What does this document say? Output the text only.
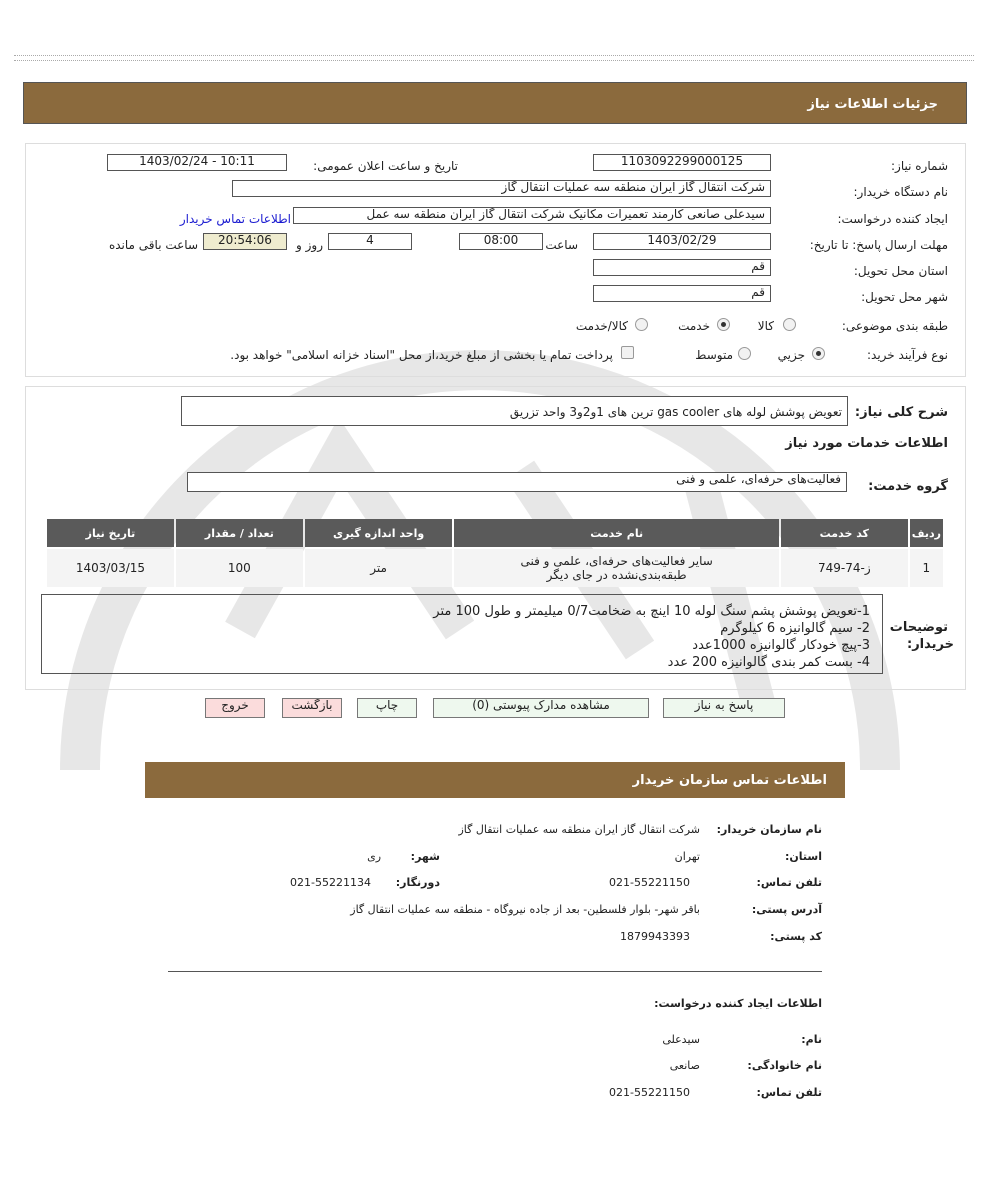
جزئیات اطلاعات نیاز
شماره نیاز:
1103092299000125
تاریخ و ساعت اعلان عمومی:
1403/02/24 - 10:11
نام دستگاه خریدار:
شرکت انتقال گاز ایران منطقه سه عملیات انتقال گاز
ایجاد کننده درخواست:
سیدعلی صانعی کارمند تعمیرات مکانیک شرکت انتقال گاز ایران منطقه سه عمل
اطلاعات تماس خریدار
مهلت ارسال پاسخ: تا تاریخ:
1403/02/29
ساعت
08:00
4
روز و
20:54:06
ساعت باقی مانده
استان محل تحویل:
قم
شهر محل تحویل:
قم
طبقه بندی موضوعی:
کالا
خدمت
کالا/خدمت
نوع فرآیند خرید:
جزيي
متوسط
پرداخت تمام یا بخشی از مبلغ خرید،از محل "اسناد خزانه اسلامی" خواهد بود.
شرح کلی نیاز:
تعویض پوشش لوله های gas cooler ترین های 1و2و3 واحد تزریق
اطلاعات خدمات مورد نیاز
گروه خدمت:
فعالیت‌های حرفه‌ای، علمی و فنی
ردیف	کد خدمت	نام خدمت	واحد اندازه گیری	تعداد / مقدار	تاریخ نیاز
1	ز-74-749	سایر فعالیت‌های حرفه‌ای، علمی و فنی
طبقه‌بندی‌نشده در جای دیگر	متر	100	1403/03/15
توضیحات
خریدار:
1-تعویض پوشش پشم سنگ لوله 10 اینچ به ضخامت0/7 میلیمتر و طول 100 متر
2- سیم گالوانیزه 6 کیلوگرم
3-پیچ خودکار گالوانیزه 1000عدد
4- بست کمر بندی گالوانیزه 200 عدد
پاسخ به نیاز
مشاهده مدارک پیوستی (0)
چاپ
بازگشت
خروج
اطلاعات تماس سازمان خریدار
نام سازمان خریدار:
شرکت انتقال گاز ایران منطقه سه عملیات انتقال گاز
استان:
تهران
شهر:
ری
تلفن تماس:
021-55221150
دورنگار:
021-55221134
آدرس پستی:
باقر شهر- بلوار فلسطین- بعد از جاده نیروگاه - منطقه سه عملیات انتقال گاز
کد پستی:
1879943393
اطلاعات ایجاد کننده درخواست:
نام:
سیدعلی
نام خانوادگی:
صانعی
تلفن تماس:
021-55221150
